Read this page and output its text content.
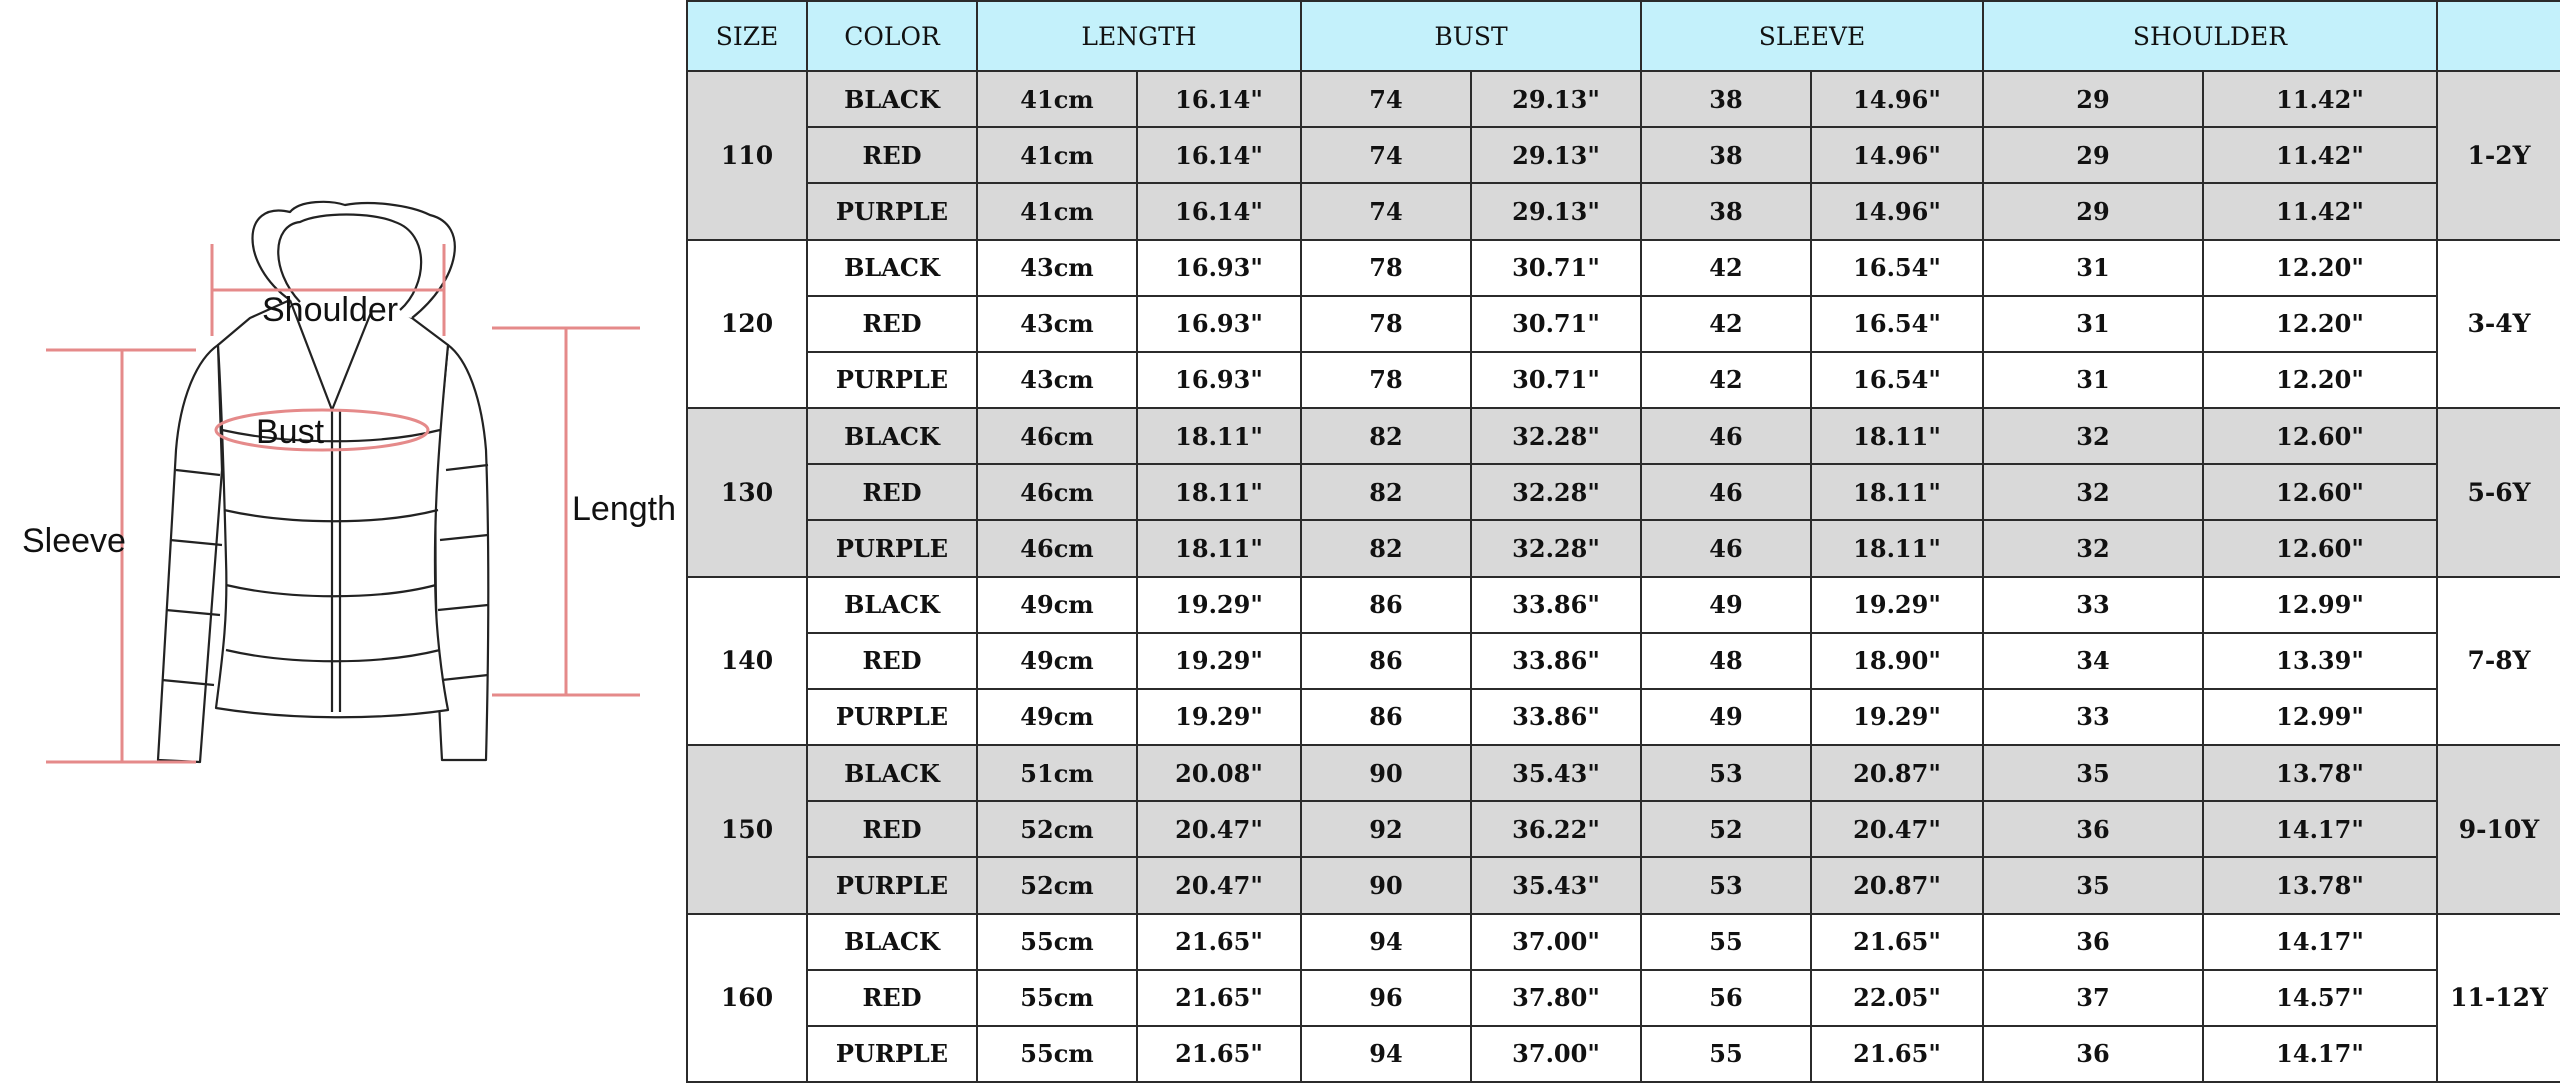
Shoulder
Bust
Sleeve
Length
SIZE	COLOR	LENGTH		BUST		SLEEVE		SHOULDER		
110	BLACK	41cm	16.14"	74	29.13"	38	14.96"	29	11.42"	1-2Y
	RED	41cm	16.14"	74	29.13"	38	14.96"	29	11.42"	
	PURPLE	41cm	16.14"	74	29.13"	38	14.96"	29	11.42"	
120	BLACK	43cm	16.93"	78	30.71"	42	16.54"	31	12.20"	3-4Y
	RED	43cm	16.93"	78	30.71"	42	16.54"	31	12.20"	
	PURPLE	43cm	16.93"	78	30.71"	42	16.54"	31	12.20"	
130	BLACK	46cm	18.11"	82	32.28"	46	18.11"	32	12.60"	5-6Y
	RED	46cm	18.11"	82	32.28"	46	18.11"	32	12.60"	
	PURPLE	46cm	18.11"	82	32.28"	46	18.11"	32	12.60"	
140	BLACK	49cm	19.29"	86	33.86"	49	19.29"	33	12.99"	7-8Y
	RED	49cm	19.29"	86	33.86"	48	18.90"	34	13.39"	
	PURPLE	49cm	19.29"	86	33.86"	49	19.29"	33	12.99"	
150	BLACK	51cm	20.08"	90	35.43"	53	20.87"	35	13.78"	9-10Y
	RED	52cm	20.47"	92	36.22"	52	20.47"	36	14.17"	
	PURPLE	52cm	20.47"	90	35.43"	53	20.87"	35	13.78"	
160	BLACK	55cm	21.65"	94	37.00"	55	21.65"	36	14.17"	11-12Y
	RED	55cm	21.65"	96	37.80"	56	22.05"	37	14.57"	
	PURPLE	55cm	21.65"	94	37.00"	55	21.65"	36	14.17"	
